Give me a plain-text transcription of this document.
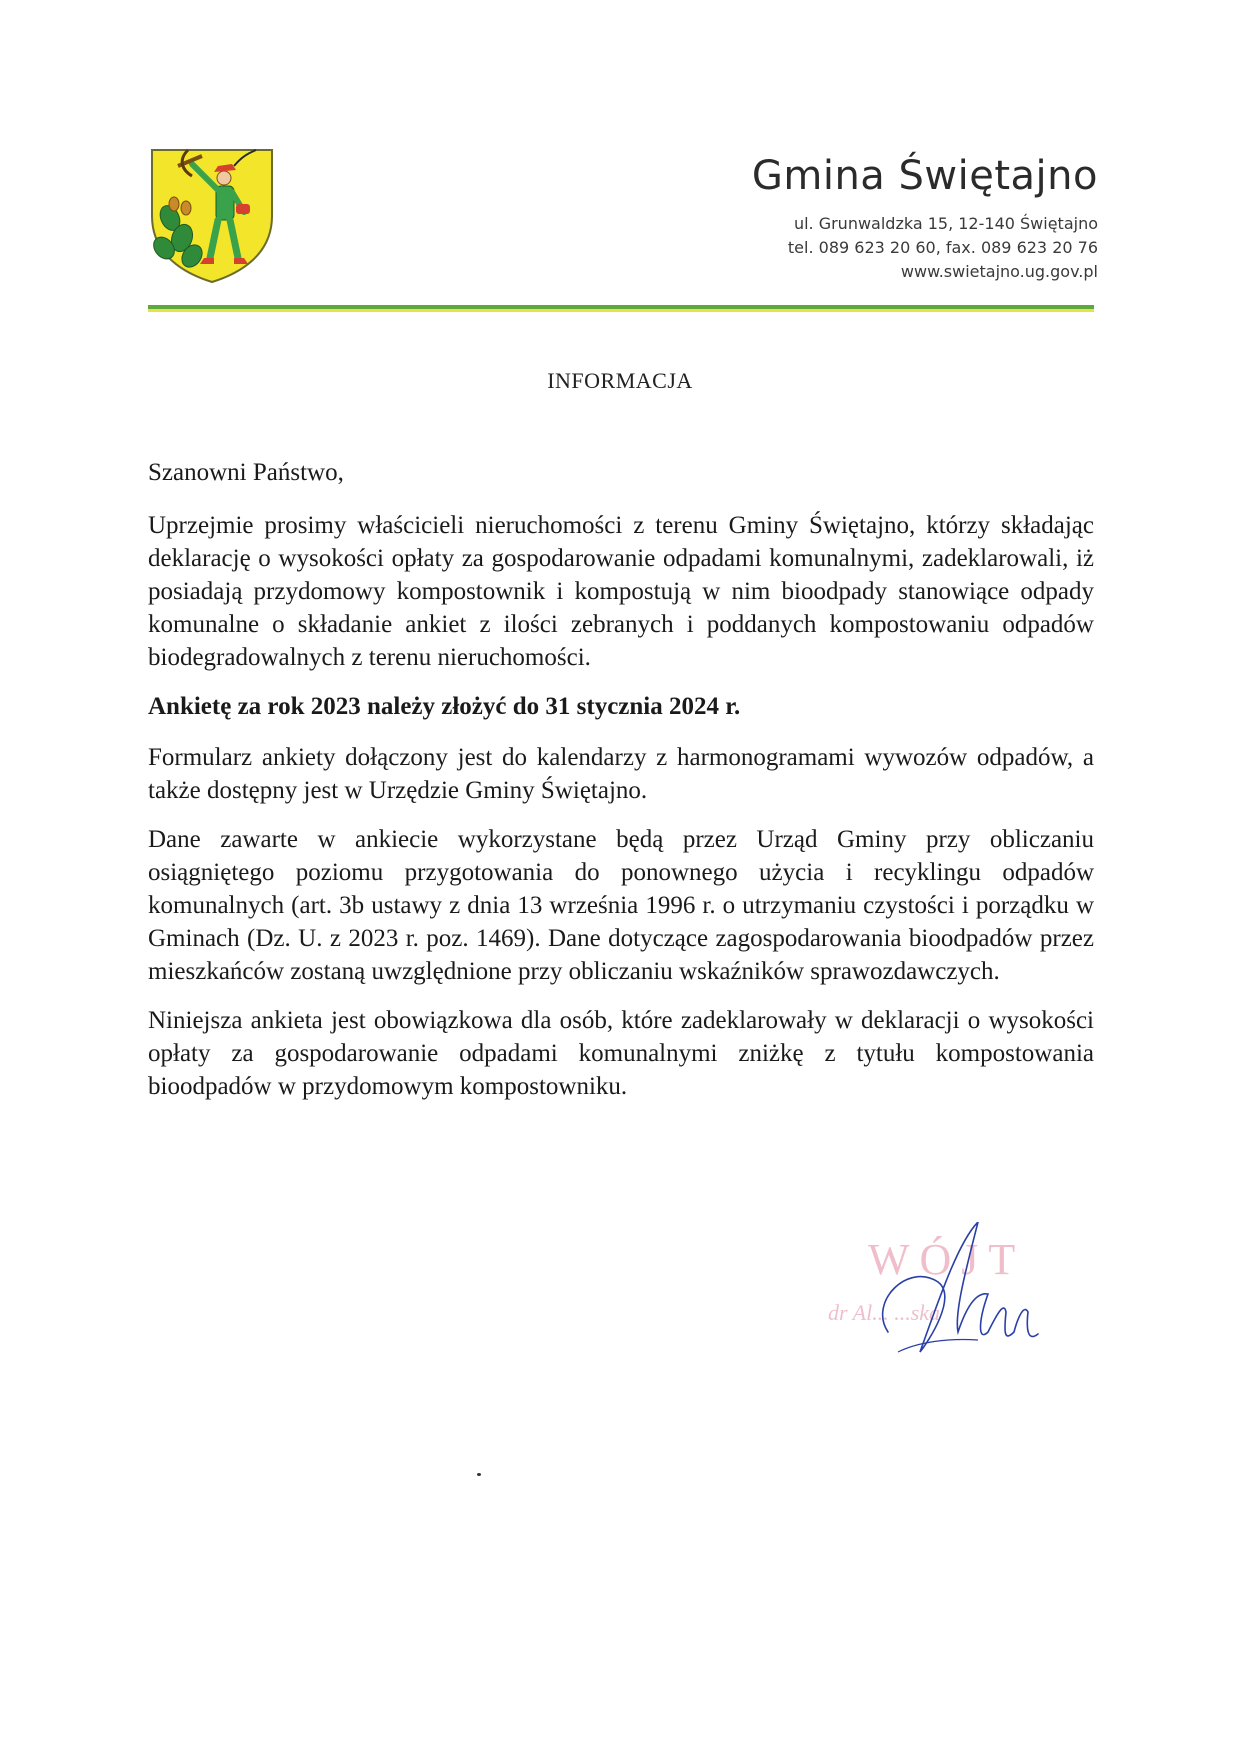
Gmina Świętajno
ul. Grunwaldzka 15, 12-140 Świętajno
tel. 089 623 20 60, fax. 089 623 20 76
www.swietajno.ug.gov.pl
INFORMACJA

Szanowni Państwo,

Uprzejmie prosimy właścicieli nieruchomości z terenu Gminy Świętajno, którzy składając deklarację o wysokości opłaty za gospodarowanie odpadami komunalnymi, zadeklarowali, iż posiadają przydomowy kompostownik i kompostują w nim bioodpady stanowiące odpady komunalne o składanie ankiet z ilości zebranych i poddanych kompostowaniu odpadów biodegradowalnych z terenu nieruchomości.

Ankietę za rok 2023 należy złożyć do 31 stycznia 2024 r.

Formularz ankiety dołączony jest do kalendarzy z harmonogramami wywozów odpadów, a także dostępny jest w Urzędzie Gminy Świętajno.

Dane zawarte w ankiecie wykorzystane będą przez Urząd Gminy przy obliczaniu osiągniętego poziomu przygotowania do ponownego użycia i recyklingu odpadów komunalnych (art. 3b ustawy z dnia 13 września 1996 r. o utrzymaniu czystości i porządku w Gminach (Dz. U. z 2023 r. poz. 1469). Dane dotyczące zagospodarowania bioodpadów przez mieszkańców zostaną uwzględnione przy obliczaniu wskaźników sprawozdawczych.

Niniejsza ankieta jest obowiązkowa dla osób, które zadeklarowały w deklaracji o wysokości opłaty za gospodarowanie odpadami komunalnymi zniżkę z tytułu kompostowania bioodpadów w przydomowym kompostowniku.

WÓJT
dr Al... ...ska
